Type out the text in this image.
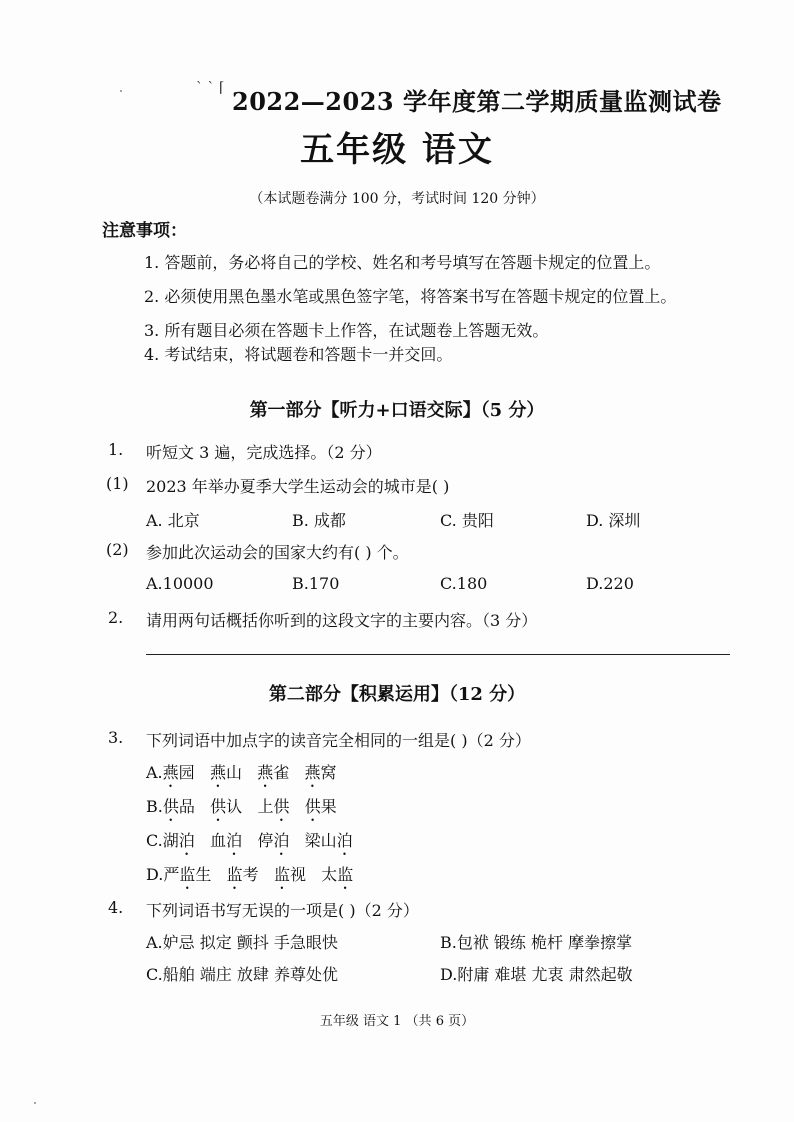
` ` ⌈ 2022—2023 学年度第二学期质量监测试卷
五年级 语文
（本试题卷满分 100 分，考试时间 120 分钟）
注意事项：
1. 答题前，务必将自己的学校、姓名和考号填写在答题卡规定的位置上。
2. 必须使用黑色墨水笔或黑色签字笔，将答案书写在答题卡规定的位置上。
3. 所有题目必须在答题卡上作答，在试题卷上答题无效。
4. 考试结束，将试题卷和答题卡一并交回。
第一部分【听力+口语交际】（5 分）
1. 听短文 3 遍，完成选择。（2 分）
(1) 2023 年举办夏季大学生运动会的城市是( )
A. 北京	B. 成都	C. 贵阳	D. 深圳
(2) 参加此次运动会的国家大约有( ) 个。
A.10000	B.170	C.180	D.220
2. 请用两句话概括你听到的这段文字的主要内容。（3 分）
第二部分【积累运用】（12 分）
3. 下列词语中加点字的读音完全相同的一组是( )（2 分）
A.燕园 燕山 燕雀 燕窝
B.供品 供认 上供 供果
C.湖泊 血泊 停泊 梁山泊
D.严监生 监考 监视 太监
4. 下列词语书写无误的一项是( )（2 分）
A.妒忌 拟定 颤抖 手急眼快	B.包袱 锻练 桅杆 摩拳擦掌
C.船舶 端庄 放肆 养尊处优	D.附庸 难堪 尤衷 肃然起敬
五年级 语文 1 （共 6 页）
